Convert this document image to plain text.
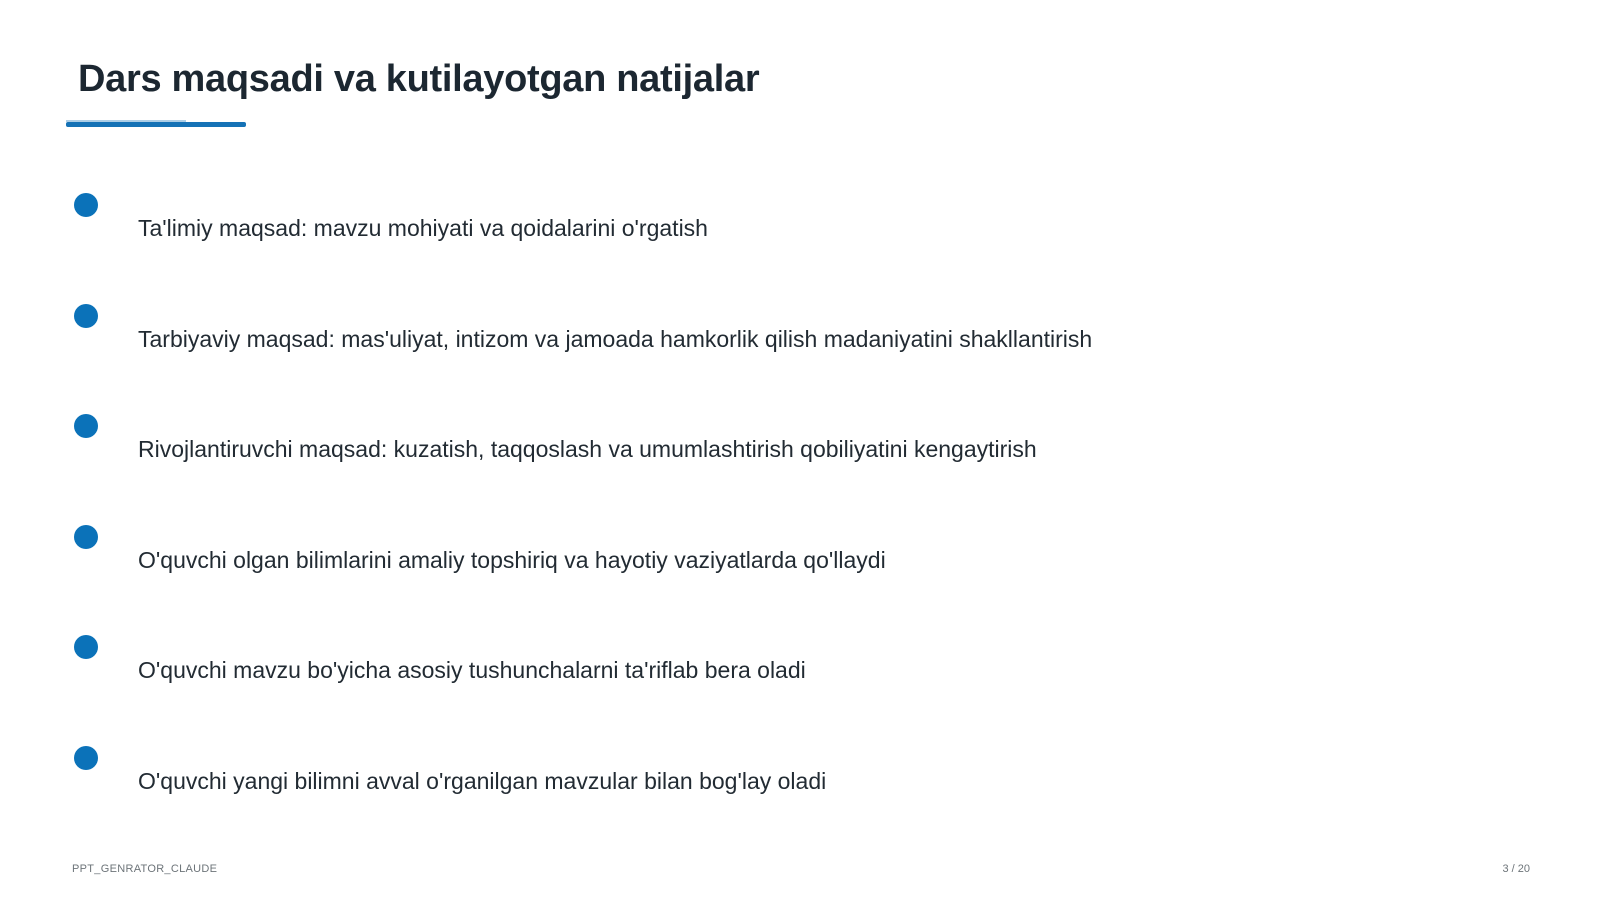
Dars maqsadi va kutilayotgan natijalar
Ta'limiy maqsad: mavzu mohiyati va qoidalarini o'rgatish
Tarbiyaviy maqsad: mas'uliyat, intizom va jamoada hamkorlik qilish madaniyatini shakllantirish
Rivojlantiruvchi maqsad: kuzatish, taqqoslash va umumlashtirish qobiliyatini kengaytirish
O'quvchi olgan bilimlarini amaliy topshiriq va hayotiy vaziyatlarda qo'llaydi
O'quvchi mavzu bo'yicha asosiy tushunchalarni ta'riflab bera oladi
O'quvchi yangi bilimni avval o'rganilgan mavzular bilan bog'lay oladi
PPT_GENRATOR_CLAUDE	3 / 20
